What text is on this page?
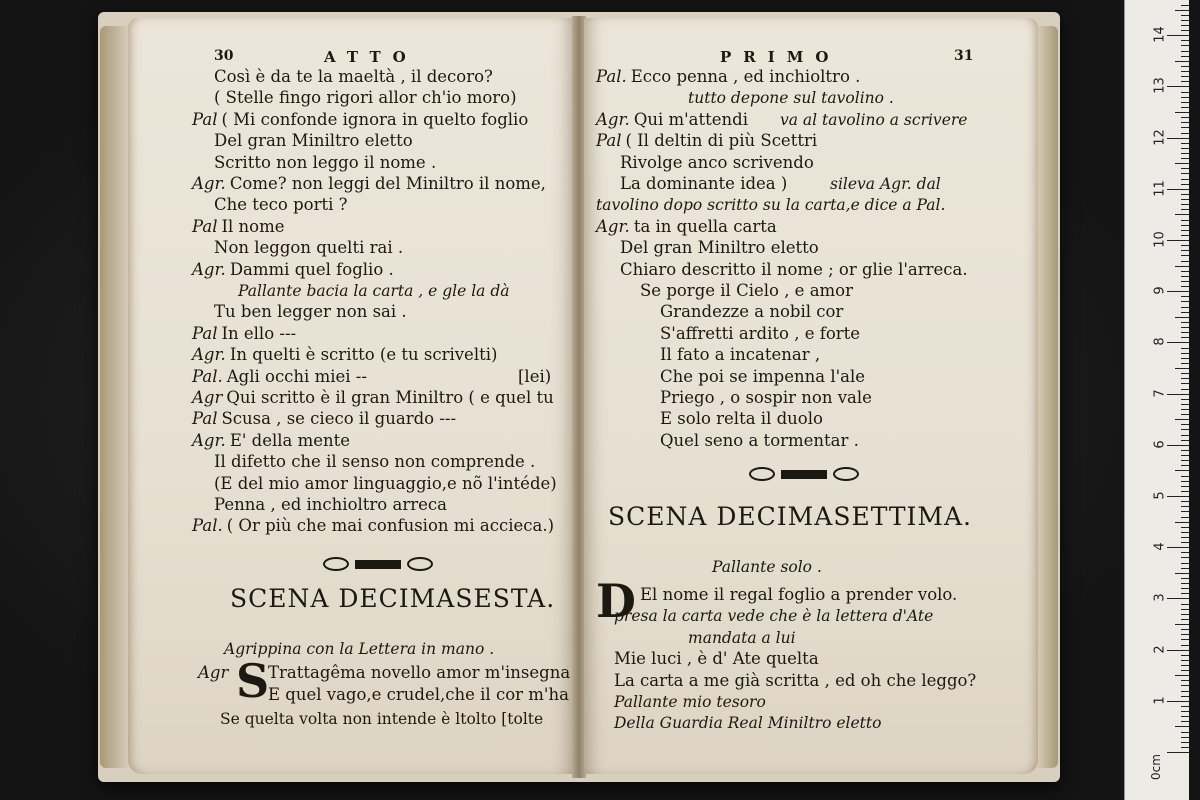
30	ATTO
Così è da te la maeltà , il decoro?
( Stelle fingo rigori allor ch'io moro)
Pal ( Mi confonde ignora in quelto foglio
Del gran Miniltro eletto
Scritto non leggo il nome .
Agr. Come? non leggi del Miniltro il nome,
Che teco porti ?
Pal Il nome
Non leggon quelti rai .
Agr. Dammi quel foglio .
Pallante bacia la carta , e gle la dà
Tu ben legger non sai .
Pal In ello ---
Agr. In quelti è scritto (e tu scrivelti)
Pal. Agli occhi miei --	[lei)
Agr Qui scritto è il gran Miniltro ( e quel tu
Pal Scusa , se cieco il guardo ---
Agr. E' della mente
Il difetto che il senso non comprende .
(E del mio amor linguaggio,e nõ l'intéde)
Penna , ed inchioltro arreca
Pal. ( Or più che mai confusion mi accieca.)
SCENA DECIMASESTA.
Agrippina con la Lettera in mano .
Agr S
Trattagêma novello amor m'insegna
E quel vago,e crudel,che il cor m'ha
Se quelta volta non intende è ltolto [tolte
PRIMO	31
Pal. Ecco penna , ed inchioltro .
tutto depone sul tavolino .
Agr. Qui m'attendi va al tavolino a scrivere
Pal ( Il deltin di più Scettri
Rivolge anco scrivendo
La dominante idea )	sileva Agr. dal
tavolino dopo scritto su la carta,e dice a Pal.
Agr. ta in quella carta
Del gran Miniltro eletto
Chiaro descritto il nome ; or glie l'arreca.
Se porge il Cielo , e amor
Grandezze a nobil cor
S'affretti ardito , e forte
Il fato a incatenar ,
Che poi se impenna l'ale
Priego , o sospir non vale
E solo relta il duolo
Quel seno a tormentar .
SCENA DECIMASETTIMA.
Pallante solo .
D El nome il regal foglio a prender volo.
presa la carta vede che è la lettera d'Ate
mandata a lui
Mie luci , è d' Ate quelta
La carta a me già scritta , ed oh che leggo?
Pallante mio tesoro
Della Guardia Real Miniltro eletto
0cm
1
2
3
4
5
6
7
8
9
10
11
12
13
14
